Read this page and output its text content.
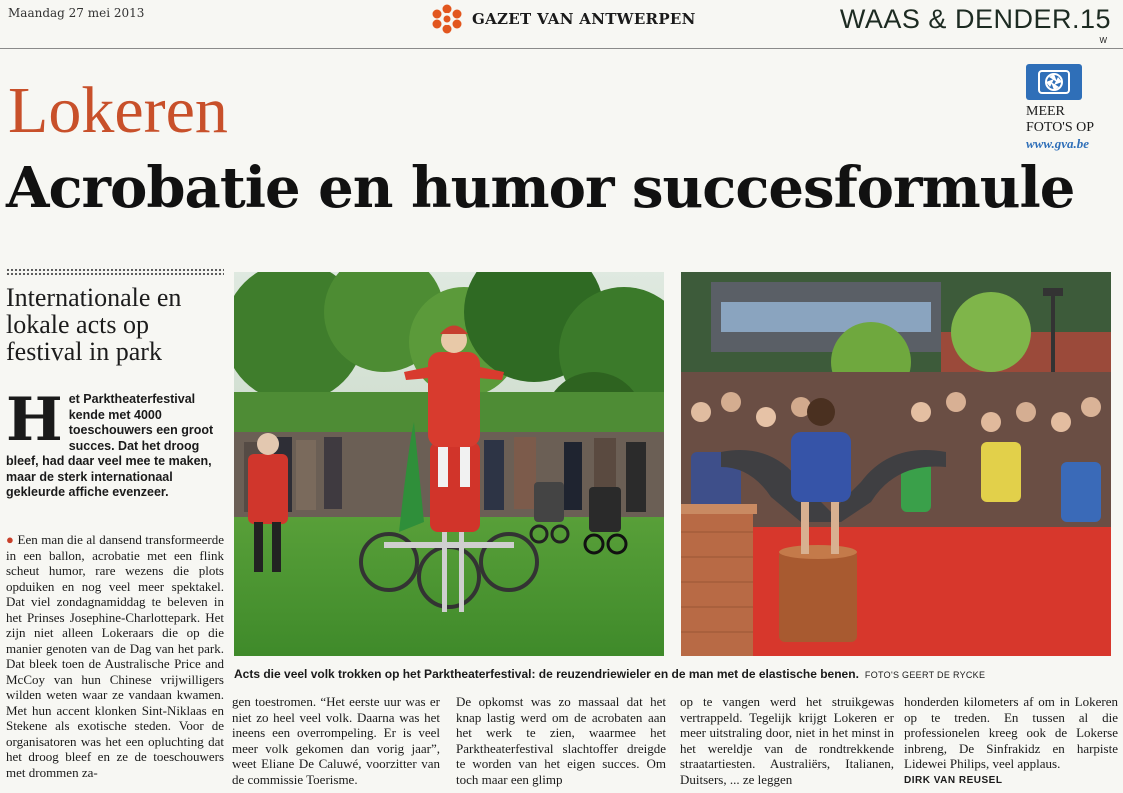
Maandag 27 mei 2013	GAZET VAN ANTWERPEN	WAAS & DENDER.15
W
Lokeren
Acrobatie en humor succesformule
MEER
FOTO'S OP
www.gva.be
Internationale en lokale acts op festival in park
H et Parktheaterfestival kende met 4000 toeschouwers een groot succes. Dat het droog bleef, had daar veel mee te maken, maar de sterk internationaal gekleurde affiche evenzeer.
● Een man die al dansend transformeerde in een ballon, acrobatie met een flink scheut humor, rare wezens die plots opduiken en nog veel meer spektakel. Dat viel zondagnamiddag te beleven in het Prinses Josephine-Charlottepark. Het zijn niet alleen Lokeraars die op die manier genoten van de Dag van het park. Dat bleek toen de Australische Price and McCoy van hun Chinese vrijwilligers wilden weten waar ze vandaan kwamen. Met hun accent klonken Sint-Niklaas en Stekene als exotische steden. Voor de organisatoren was het een opluchting dat het droog bleef en ze de toeschouwers met drommen za-
Acts die veel volk trokken op het Parktheaterfestival: de reuzendriewieler en de man met de elastische benen. FOTO'S GEERT DE RYCKE
gen toestromen. “Het eerste uur was er niet zo heel veel volk. Daarna was het ineens een overrompeling. Er is veel meer volk gekomen dan vorig jaar”, weet Eliane De Caluwé, voorzitter van de commissie Toerisme.
De opkomst was zo massaal dat het knap lastig werd om de acrobaten aan het werk te zien, waarmee het Parktheaterfestival slachtoffer dreigde te worden van het eigen succes. Om toch maar een glimp
op te vangen werd het struikgewas vertrappeld. Tegelijk krijgt Lokeren er meer uitstraling door, niet in het minst in het wereldje van de rondtrekkende straatartiesten. Australiërs, Italianen, Duitsers, ... ze leggen
honderden kilometers af om in Lokeren op te treden. En tussen al die professionelen kreeg ook de Lokerse inbreng, De Sinfrakidz en harpiste Lidewei Philips, veel applaus.
DIRK VAN REUSEL
